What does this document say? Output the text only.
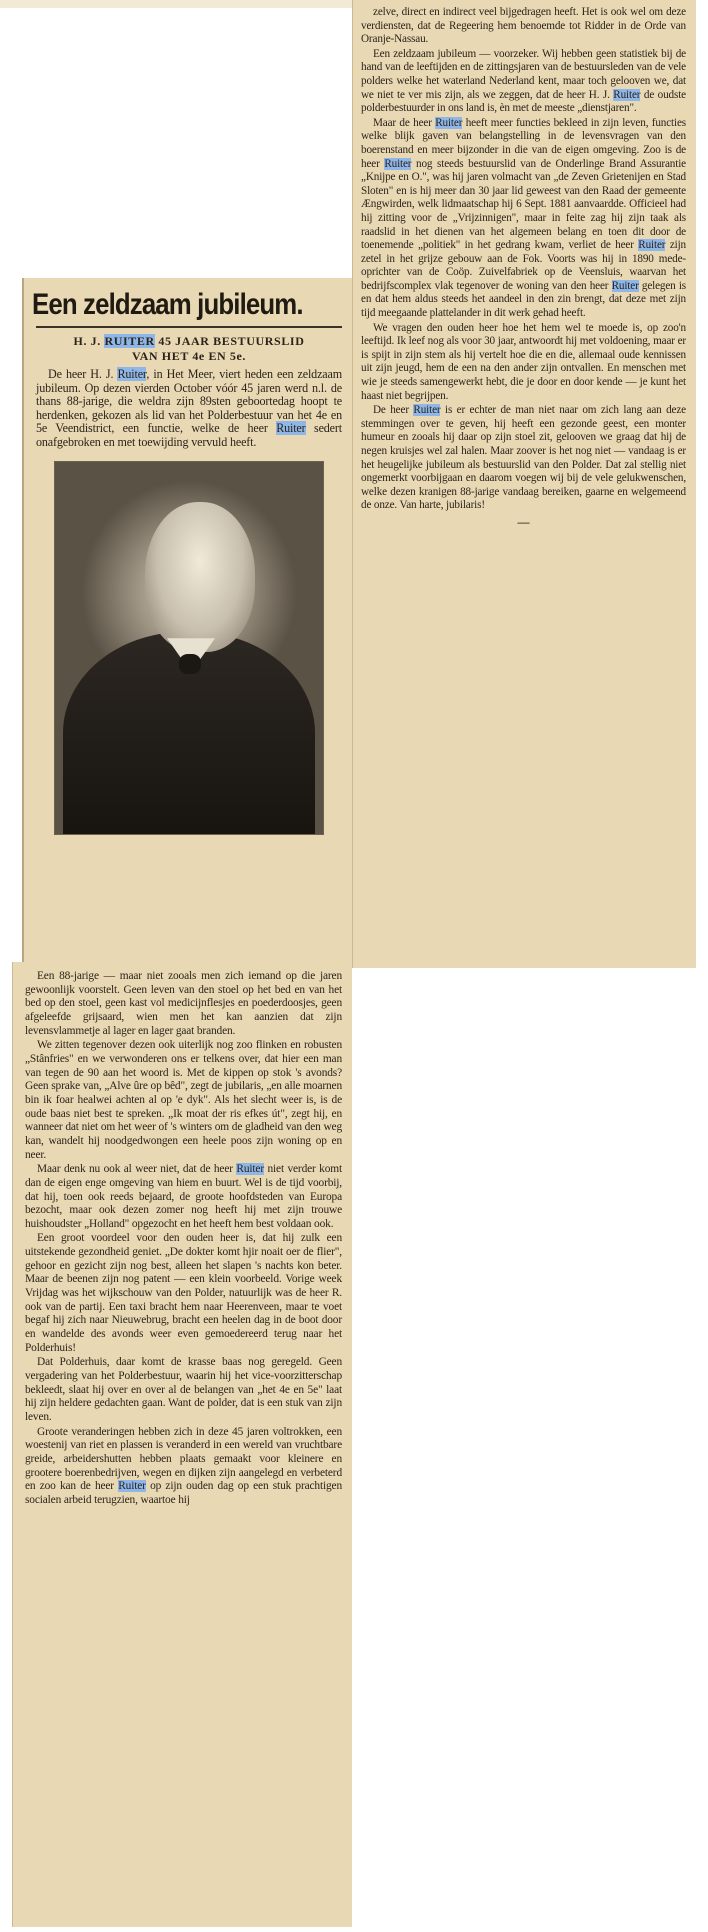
zelve, direct en indirect veel bijgedragen heeft. Het is ook wel om deze verdiensten, dat de Regeering hem benoemde tot Ridder in de Orde van Oranje-Nassau.

Een zeldzaam jubileum — voorzeker. Wij hebben geen statistiek bij de hand van de leeftijden en de zittingsjaren van de bestuursleden van de vele polders welke het waterland Nederland kent, maar toch gelooven we, dat we niet te ver mis zijn, als we zeggen, dat de heer H. J. Ruiter de oudste polderbestuurder in ons land is, èn met de meeste „dienstjaren".

Maar de heer Ruiter heeft meer functies bekleed in zijn leven, functies welke blijk gaven van belangstelling in de levensvragen van den boerenstand en meer bijzonder in die van de eigen omgeving. Zoo is de heer Ruiter nog steeds bestuurslid van de Onderlinge Brand Assurantie „Knijpe en O.", was hij jaren volmacht van „de Zeven Grietenijen en Stad Sloten" en is hij meer dan 30 jaar lid geweest van den Raad der gemeente Ængwirden, welk lidmaatschap hij 6 Sept. 1881 aanvaardde. Officieel had hij zitting voor de „Vrijzinnigen", maar in feite zag hij zijn taak als raadslid in het dienen van het algemeen belang en toen dit door de toenemende „politiek" in het gedrang kwam, verliet de heer Ruiter zijn zetel in het grijze gebouw aan de Fok. Voorts was hij in 1890 mede-oprichter van de Coöp. Zuivelfabriek op de Veensluis, waarvan het bedrijfscomplex vlak tegenover de woning van den heer Ruiter gelegen is en dat hem aldus steeds het aandeel in den zin brengt, dat deze met zijn tijd meegaande plattelander in dit werk gehad heeft.

We vragen den ouden heer hoe het hem wel te moede is, op zoo'n leeftijd. Ik leef nog als voor 30 jaar, antwoordt hij met voldoening, maar er is spijt in zijn stem als hij vertelt hoe die en die, allemaal oude kennissen uit zijn jeugd, hem de een na den ander zijn ontvallen. En menschen met wie je steeds samengewerkt hebt, die je door en door kende — je kunt het haast niet begrijpen.

De heer Ruiter is er echter de man niet naar om zich lang aan deze stemmingen over te geven, hij heeft een gezonde geest, een monter humeur en zooals hij daar op zijn stoel zit, gelooven we graag dat hij de negen kruisjes wel zal halen. Maar zoover is het nog niet — vandaag is er het heugelijke jubileum als bestuurslid van den Polder. Dat zal stellig niet ongemerkt voorbijgaan en daarom voegen wij bij de vele gelukwenschen, welke dezen kranigen 88-jarige vandaag bereiken, gaarne en welgemeend de onze. Van harte, jubilaris!

—
Een zeldzaam jubileum.
H. J. RUITER 45 JAAR BESTUURSLID
VAN HET 4e EN 5e.

De heer H. J. Ruiter, in Het Meer, viert heden een zeldzaam jubileum. Op dezen vierden October vóór 45 jaren werd n.l. de thans 88-jarige, die weldra zijn 89sten geboortedag hoopt te herdenken, gekozen als lid van het Polderbestuur van het 4e en 5e Veendistrict, een functie, welke de heer Ruiter sedert onafgebroken en met toewijding vervuld heeft.

Een 88-jarige — maar niet zooals men zich iemand op die jaren gewoonlijk voorstelt. Geen leven van den stoel op het bed en van het bed op den stoel, geen kast vol medicijnflesjes en poederdoosjes, geen afgeleefde grijsaard, wien men het kan aanzien dat zijn levensvlammetje al lager en lager gaat branden.

We zitten tegenover dezen ook uiterlijk nog zoo flinken en robusten „Stânfries" en we verwonderen ons er telkens over, dat hier een man van tegen de 90 aan het woord is. Met de kippen op stok 's avonds? Geen sprake van, „Alve ûre op bêd", zegt de jubilaris, „en alle moarnen bin ik foar healwei achten al op 'e dyk". Als het slecht weer is, is de oude baas niet best te spreken. „Ik moat der ris efkes út", zegt hij, en wanneer dat niet om het weer of 's winters om de gladheid van den weg kan, wandelt hij noodgedwongen een heele poos zijn woning op en neer.

Maar denk nu ook al weer niet, dat de heer Ruiter niet verder komt dan de eigen enge omgeving van hiem en buurt. Wel is de tijd voorbij, dat hij, toen ook reeds bejaard, de groote hoofdsteden van Europa bezocht, maar ook dezen zomer nog heeft hij met zijn trouwe huishoudster „Holland" opgezocht en het heeft hem best voldaan ook.

Een groot voordeel voor den ouden heer is, dat hij zulk een uitstekende gezondheid geniet. „De dokter komt hjir noait oer de flier", gehoor en gezicht zijn nog best, alleen het slapen 's nachts kon beter. Maar de beenen zijn nog patent — een klein voorbeeld. Vorige week Vrijdag was het wijkschouw van den Polder, natuurlijk was de heer R. ook van de partij. Een taxi bracht hem naar Heerenveen, maar te voet begaf hij zich naar Nieuwebrug, bracht een heelen dag in de boot door en wandelde des avonds weer even gemoedereerd terug naar het Polderhuis!

Dat Polderhuis, daar komt de krasse baas nog geregeld. Geen vergadering van het Polderbestuur, waarin hij het vice-voorzitterschap bekleedt, slaat hij over en over al de belangen van „het 4e en 5e" laat hij zijn heldere gedachten gaan. Want de polder, dat is een stuk van zijn leven.

Groote veranderingen hebben zich in deze 45 jaren voltrokken, een woestenij van riet en plassen is veranderd in een wereld van vruchtbare greide, arbeidershutten hebben plaats gemaakt voor kleinere en grootere boerenbedrijven, wegen en dijken zijn aangelegd en verbeterd en zoo kan de heer Ruiter op zijn ouden dag op een stuk prachtigen socialen arbeid terugzien, waartoe hij
